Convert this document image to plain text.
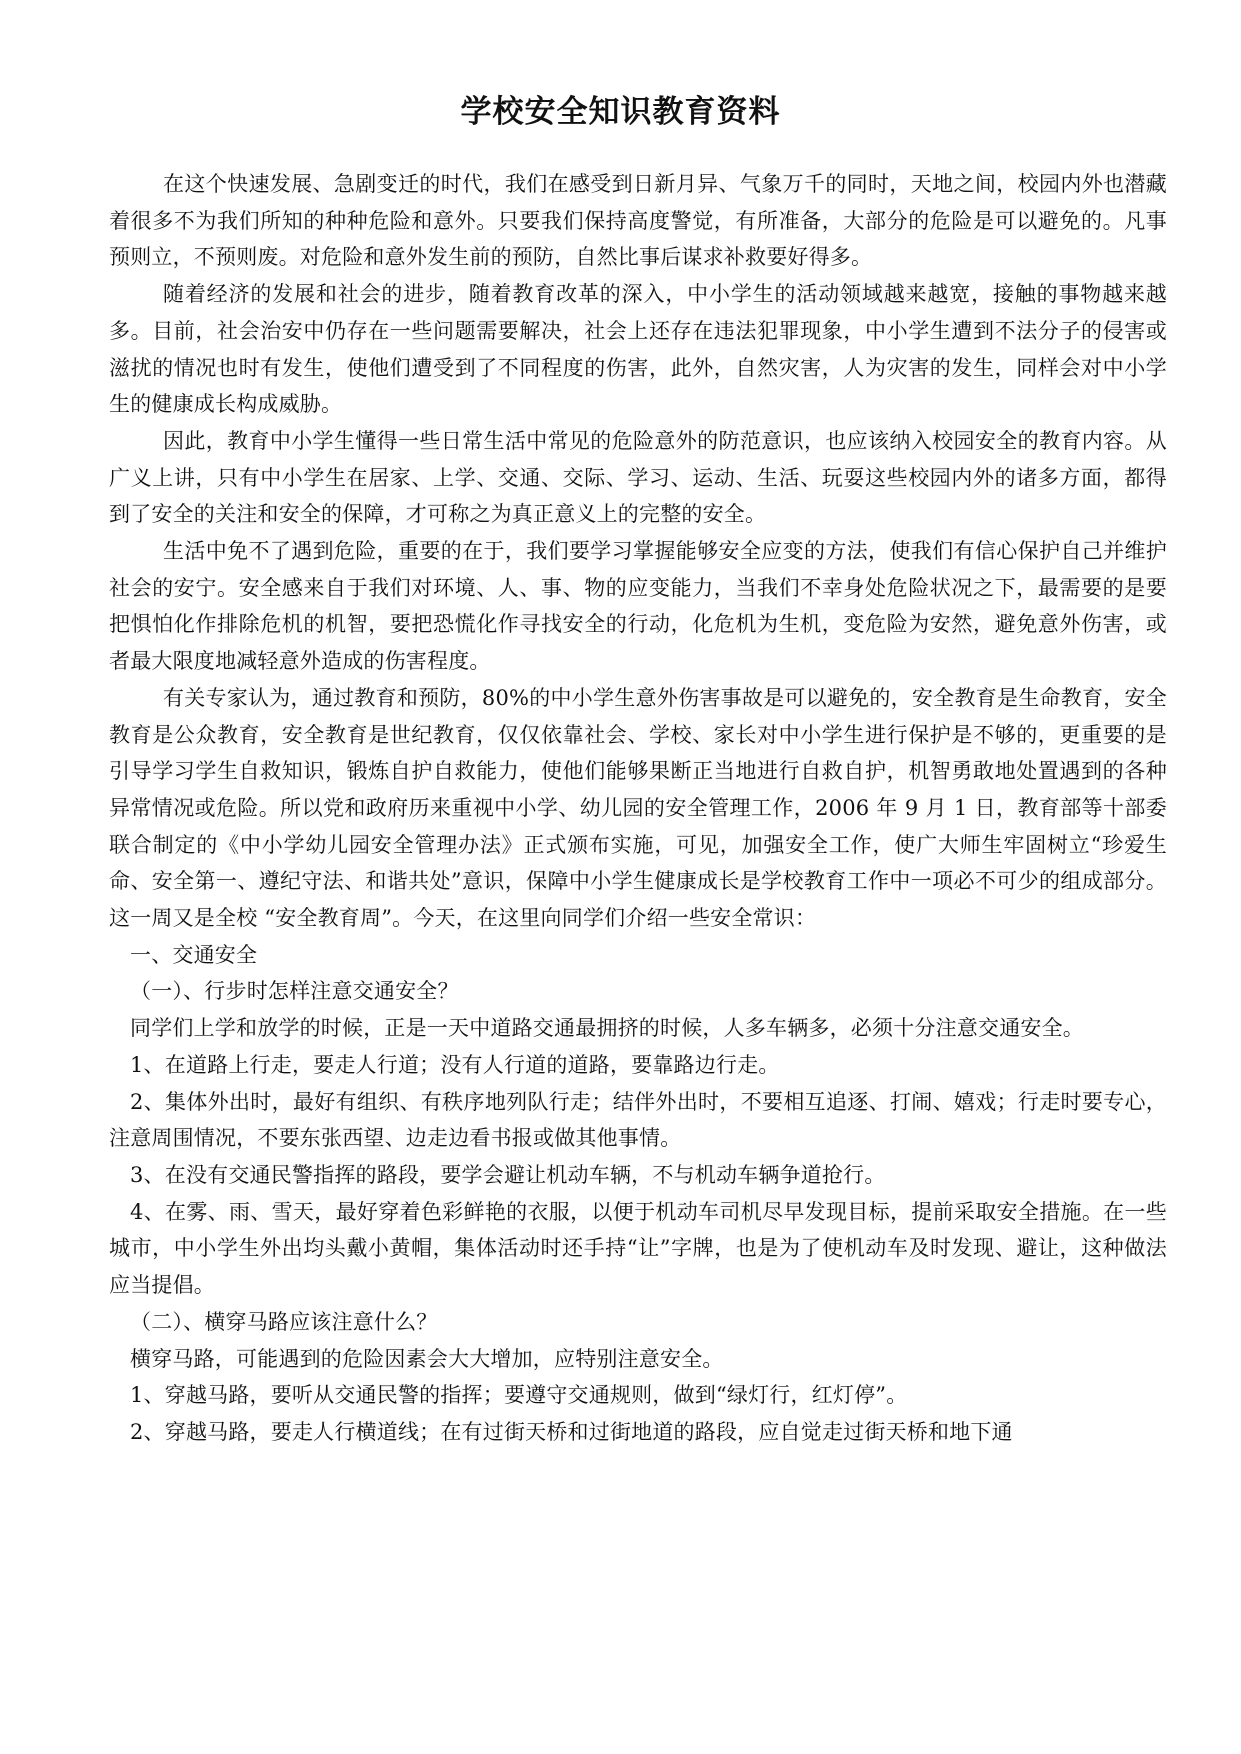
学校安全知识教育资料

在这个快速发展、急剧变迁的时代，我们在感受到日新月异、气象万千的同时，天地之间，校园内外也潜藏着很多不为我们所知的种种危险和意外。只要我们保持高度警觉，有所准备，大部分的危险是可以避免的。凡事预则立，不预则废。对危险和意外发生前的预防，自然比事后谋求补救要好得多。

随着经济的发展和社会的进步，随着教育改革的深入，中小学生的活动领域越来越宽，接触的事物越来越多。目前，社会治安中仍存在一些问题需要解决，社会上还存在违法犯罪现象，中小学生遭到不法分子的侵害或滋扰的情况也时有发生，使他们遭受到了不同程度的伤害，此外，自然灾害，人为灾害的发生，同样会对中小学生的健康成长构成威胁。

因此，教育中小学生懂得一些日常生活中常见的危险意外的防范意识，也应该纳入校园安全的教育内容。从广义上讲，只有中小学生在居家、上学、交通、交际、学习、运动、生活、玩耍这些校园内外的诸多方面，都得到了安全的关注和安全的保障，才可称之为真正意义上的完整的安全。

生活中免不了遇到危险，重要的在于，我们要学习掌握能够安全应变的方法，使我们有信心保护自己并维护社会的安宁。安全感来自于我们对环境、人、事、物的应变能力，当我们不幸身处危险状况之下，最需要的是要把惧怕化作排除危机的机智，要把恐慌化作寻找安全的行动，化危机为生机，变危险为安然，避免意外伤害，或者最大限度地减轻意外造成的伤害程度。

有关专家认为，通过教育和预防，80%的中小学生意外伤害事故是可以避免的，安全教育是生命教育，安全教育是公众教育，安全教育是世纪教育，仅仅依靠社会、学校、家长对中小学生进行保护是不够的，更重要的是引导学习学生自救知识，锻炼自护自救能力，使他们能够果断正当地进行自救自护，机智勇敢地处置遇到的各种异常情况或危险。所以党和政府历来重视中小学、幼儿园的安全管理工作，2006 年 9 月 1 日，教育部等十部委联合制定的《中小学幼儿园安全管理办法》正式颁布实施，可见，加强安全工作，使广大师生牢固树立“珍爱生命、安全第一、遵纪守法、和谐共处”意识，保障中小学生健康成长是学校教育工作中一项必不可少的组成部分。这一周又是全校 “安全教育周”。今天，在这里向同学们介绍一些安全常识：

一、交通安全

（一）、行步时怎样注意交通安全？

同学们上学和放学的时候，正是一天中道路交通最拥挤的时候，人多车辆多，必须十分注意交通安全。

1、在道路上行走，要走人行道；没有人行道的道路，要靠路边行走。

2、集体外出时，最好有组织、有秩序地列队行走；结伴外出时，不要相互追逐、打闹、嬉戏；行走时要专心，注意周围情况，不要东张西望、边走边看书报或做其他事情。

3、在没有交通民警指挥的路段，要学会避让机动车辆，不与机动车辆争道抢行。

4、在雾、雨、雪天，最好穿着色彩鲜艳的衣服，以便于机动车司机尽早发现目标，提前采取安全措施。在一些城市，中小学生外出均头戴小黄帽，集体活动时还手持“让”字牌，也是为了使机动车及时发现、避让，这种做法应当提倡。

（二）、横穿马路应该注意什么？

横穿马路，可能遇到的危险因素会大大增加，应特别注意安全。

1、穿越马路，要听从交通民警的指挥；要遵守交通规则，做到“绿灯行，红灯停”。

2、穿越马路，要走人行横道线；在有过街天桥和过街地道的路段，应自觉走过街天桥和地下通
